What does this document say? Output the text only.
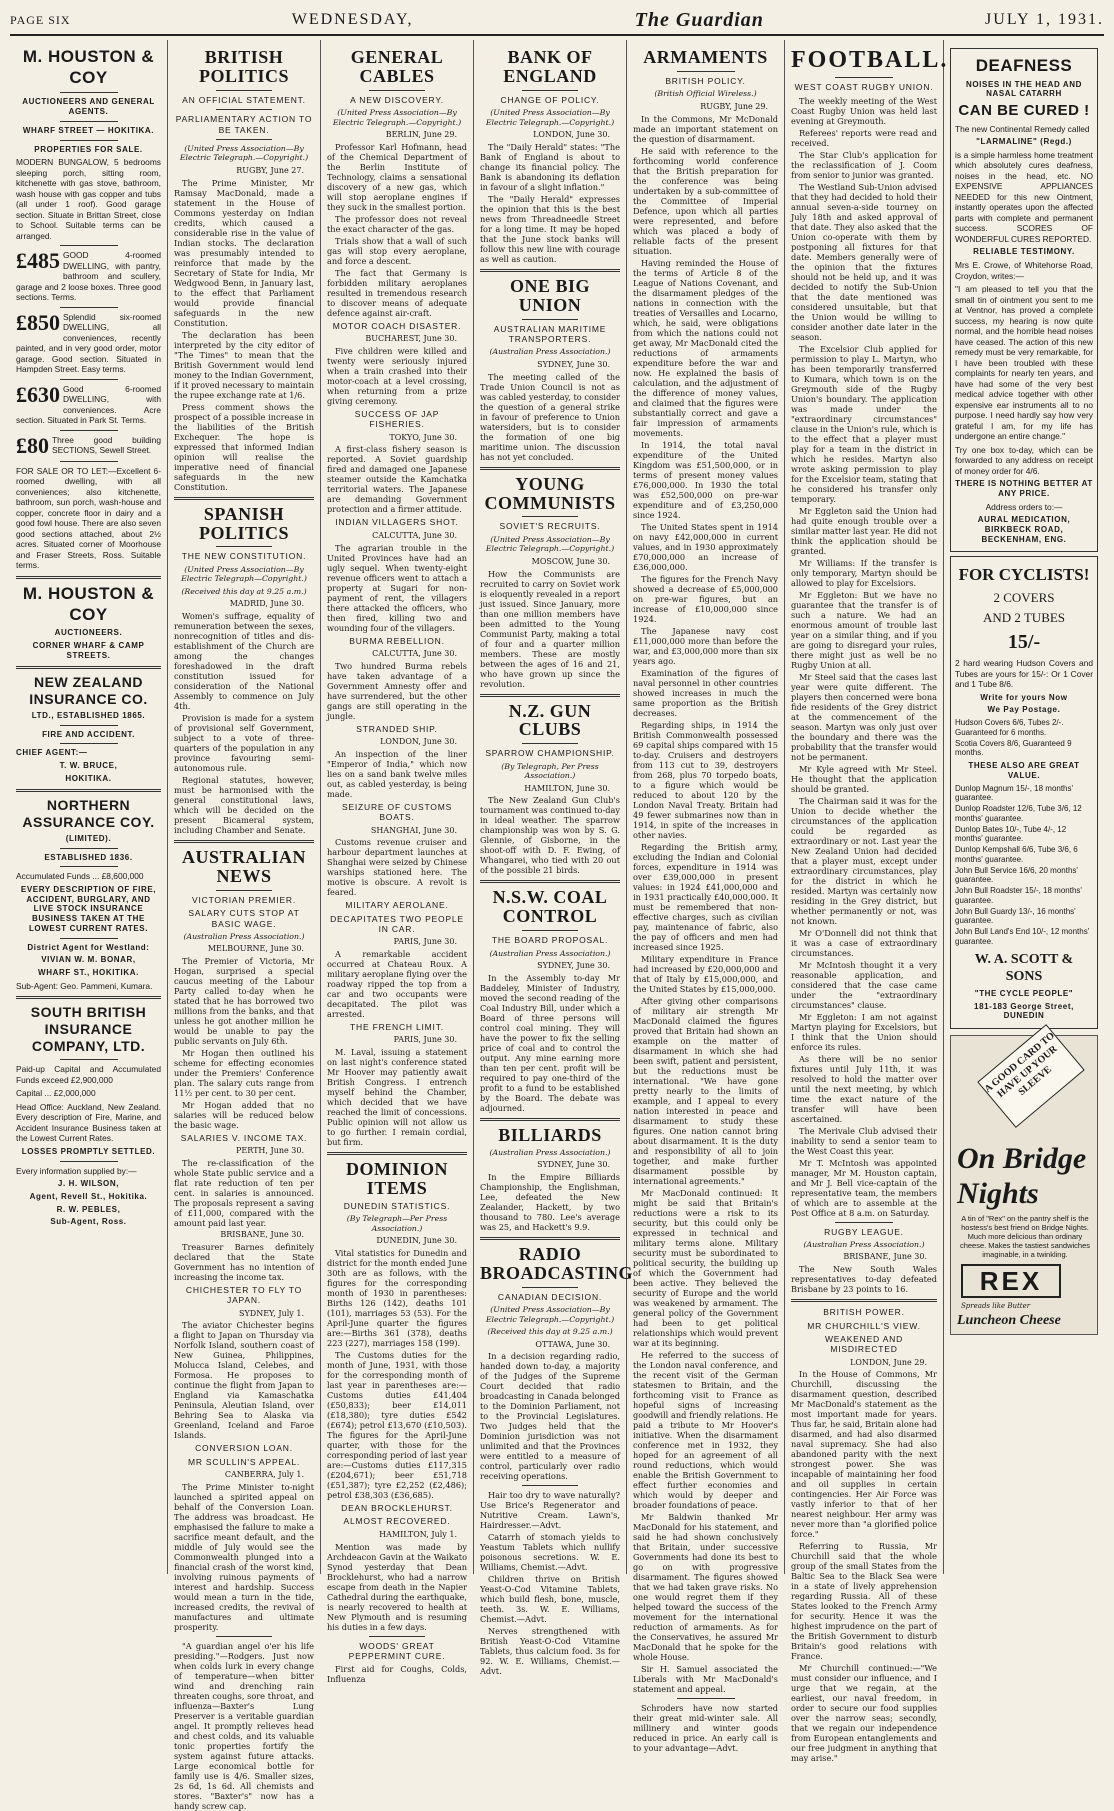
PAGE SIX	WEDNESDAY,	The Guardian	JULY 1, 1931.
M. HOUSTON & COY
AUCTIONEERS AND GENERAL AGENTS.
WHARF STREET — HOKITIKA.
PROPERTIES FOR SALE.
MODERN BUNGALOW, 5 bedrooms sleeping porch, sitting room, kitchenette with gas stove, bathroom, wash house with gas copper and tubs (all under 1 roof). Good garage section. Situate in Brittan Street, close to School. Suitable terms can be arranged.
£485 GOOD 4-roomed DWELLING, with pantry, bathroom and scullery, garage and 2 loose boxes. Three good sections. Terms.
£850 Splendid six-roomed DWELLING, all conveniences, recently painted, and in very good order, motor garage. Good section. Situated in Hampden Street. Easy terms.
£630 Good 6-roomed DWELLING, with conveniences. Acre section. Situated in Park St. Terms.
£80 Three good building SECTIONS, Sewell Street.
FOR SALE OR TO LET:—Excellent 6-roomed dwelling, with all conveniences; also kitchenette, bathroom, sun porch, wash-house and copper, concrete floor in dairy and a good fowl house. There are also seven good sections attached, about 2½ acres. Situated corner of Moorhouse and Fraser Streets, Ross. Suitable terms.
M. HOUSTON & COY
AUCTIONEERS.
CORNER WHARF & CAMP STREETS.
NEW ZEALAND INSURANCE CO.
LTD., ESTABLISHED 1865.
FIRE AND ACCIDENT.
CHIEF AGENT:—
T. W. BRUCE,
HOKITIKA.
NORTHERN ASSURANCE COY.
(LIMITED).
ESTABLISHED 1836.
Accumulated Funds ... £8,600,000
EVERY DESCRIPTION OF FIRE, ACCIDENT, BURGLARY, AND LIVE STOCK INSURANCE BUSINESS TAKEN AT THE LOWEST CURRENT RATES.
District Agent for Westland:
VIVIAN W. M. BONAR,
WHARF ST., HOKITIKA.
Sub-Agent: Geo. Pammeni, Kumara.
SOUTH BRITISH INSURANCE COMPANY, LTD.
Paid-up Capital and Accumulated Funds exceed £2,900,000
Capital ... £2,000,000
Head Office: Auckland, New Zealand. Every description of Fire, Marine, and Accident Insurance Business taken at the Lowest Current Rates.
LOSSES PROMPTLY SETTLED.
Every information supplied by:—
J. H. WILSON,
Agent, Revell St., Hokitika.
R. W. PEBLES,
Sub-Agent, Ross.
BRITISH POLITICS
AN OFFICIAL STATEMENT.
PARLIAMENTARY ACTION TO BE TAKEN.
(United Press Association—By Electric Telegraph.—Copyright.)
RUGBY, June 27.

The Prime Minister, Mr Ramsay MacDonald, made a statement in the House of Commons yesterday on Indian credits, which caused a considerable rise in the value of Indian stocks. The declaration was presumably intended to reinforce that made by the Secretary of State for India, Mr Wedgwood Benn, in January last, to the effect that Parliament would provide financial safeguards in the new Constitution.

The declaration has been interpreted by the city editor of "The Times" to mean that the British Government would lend money to the Indian Government, if it proved necessary to maintain the rupee exchange rate at 1/6.

Press comment shows the prospect of a possible increase in the liabilities of the British Exchequer. The hope is expressed that informed Indian opinion will realise the imperative need of financial safeguards in the new Constitution.

SPANISH POLITICS
THE NEW CONSTITUTION.
(United Press Association—By Electric Telegraph—Copyright.)
(Received this day at 9.25 a.m.)
MADRID, June 30.

Women's suffrage, equality of remuneration between the sexes, nonrecognition of titles and dis-establishment of the Church are among the changes foreshadowed in the draft constitution issued for consideration of the National Assembly to commence on July 4th.

Provision is made for a system of provisional self Government, subject to a vote of three-quarters of the population in any province favouring semi-autonomous rule.

Regional statutes, however, must be harmonised with the general constitutional laws, which will be decided on the present Bicameral system, including Chamber and Senate.

AUSTRALIAN NEWS
VICTORIAN PREMIER.
SALARY CUTS STOP AT BASIC WAGE.
(Australian Press Association.)
MELBOURNE, June 30.

The Premier of Victoria, Mr Hogan, surprised a special caucus meeting of the Labour Party called to-day when he stated that he has borrowed two millions from the banks, and that unless he got another million he would be unable to pay the public servants on July 6th.

Mr Hogan then outlined his scheme for effecting economies under the Premiers' Conference plan. The salary cuts range from 11½ per cent. to 30 per cent.

Mr Hogan added that no salaries will be reduced below the basic wage.

SALARIES V. INCOME TAX.
PERTH, June 30.

The re-classification of the whole State public service and a flat rate reduction of ten per cent. in salaries is announced. The proposals represent a saving of £11,000, compared with the amount paid last year.

BRISBANE, June 30.

Treasurer Barnes definitely declared that the State Government has no intention of increasing the income tax.

CHICHESTER TO FLY TO JAPAN.
SYDNEY, July 1.

The aviator Chichester begins a flight to Japan on Thursday via Norfolk Island, southern coast of New Guinea, Philippines, Molucca Island, Celebes, and Formosa. He proposes to continue the flight from Japan to England via Kamaschatka Peninsula, Aleutian Island, over Behring Sea to Alaska via Greenland, Iceland and Faroe Islands.

CONVERSION LOAN.
MR SCULLIN'S APPEAL.
CANBERRA, July 1.

The Prime Minister to-night launched a spirited appeal on behalf of the Conversion Loan. The address was broadcast. He emphasised the failure to make a sacrifice meant default, and the middle of July would see the Commonwealth plunged into a financial crash of the worst kind, involving ruinous payments of interest and hardship. Success would mean a turn in the tide, increased credits, the revival of manufactures and ultimate prosperity.

"A guardian angel o'er his life presiding."—Rodgers. Just now when colds lurk in every change of temperature—when bitter wind and drenching rain threaten coughs, sore throat, and influenza—Baxter's Lung Preserver is a veritable guardian angel. It promptly relieves head and chest colds, and its valuable tonic properties fortify the system against future attacks. Large economical bottle for family use is 4/6. Smaller sizes, 2s 6d, 1s 6d. All chemists and stores. "Baxter's" now has a handy screw cap.

GENERAL CABLES
A NEW DISCOVERY.
(United Press Association—By Electric Telegraph.—Copyright.)
BERLIN, June 29.

Professor Karl Hofmann, head of the Chemical Department of the Berlin Institute of Technology, claims a sensational discovery of a new gas, which will stop aeroplane engines if they suck in the smallest portion.

The professor does not reveal the exact character of the gas.

Trials show that a wall of such gas will stop every aeroplane, and force a descent.

The fact that Germany is forbidden military aeroplanes resulted in tremendous research to discover means of adequate defence against air-craft.

MOTOR COACH DISASTER.
BUCHAREST, June 30.

Five children were killed and twenty were seriously injured when a train crashed into their motor-coach at a level crossing, when returning from a prize giving ceremony.

SUCCESS OF JAP FISHERIES.
TOKYO, June 30.

A first-class fishery season is reported. A Soviet guardship fired and damaged one Japanese steamer outside the Kamchatka territorial waters. The Japanese are demanding Government protection and a firmer attitude.

INDIAN VILLAGERS SHOT.
CALCUTTA, June 30.

The agrarian trouble in the United Provinces have had an ugly sequel. When twenty-eight revenue officers went to attach a property at Sugari for non-payment of rent, the villagers there attacked the officers, who then fired, killing two and wounding four of the villagers.

BURMA REBELLION.
CALCUTTA, June 30.

Two hundred Burma rebels have taken advantage of a Government Amnesty offer and have surrendered, but the other gangs are still operating in the jungle.

STRANDED SHIP.
LONDON, June 30.

An inspection of the liner "Emperor of India," which now lies on a sand bank twelve miles out, as cabled yesterday, is being made.

SEIZURE OF CUSTOMS BOATS.
SHANGHAI, June 30.

Customs revenue cruiser and harbour department launches at Shanghai were seized by Chinese warships stationed here. The motive is obscure. A revolt is feared.

MILITARY AEROLANE.
DECAPITATES TWO PEOPLE IN CAR.
PARIS, June 30.

A remarkable accident occurred at Chateau Roux. A military aeroplane flying over the roadway ripped the top from a car and two occupants were decapitated. The pilot was arrested.

THE FRENCH LIMIT.
PARIS, June 30.

M. Laval, issuing a statement on last night's conference stated Mr Hoover may patiently await British Congress. I entrench myself behind the Chamber, which decided that we have reached the limit of concessions. Public opinion will not allow us to go further. I remain cordial, but firm.

DOMINION ITEMS
DUNEDIN STATISTICS.
(By Telegraph—Per Press Association.)
DUNEDIN, June 30.

Vital statistics for Dunedin and district for the month ended June 30th are as follows, with the figures for the corresponding month of 1930 in parentheses: Births 126 (142), deaths 101 (101), marriages 53 (53). For the April-June quarter the figures are:—Births 361 (378), deaths 223 (227), marriages 158 (199).

The Customs duties for the month of June, 1931, with those for the corresponding month of last year in parentheses are:—Customs duties £41,404 (£50,833); beer £14,011 (£18,380); tyre duties £542 (£674); petrol £13,670 (£10,503). The figures for the April-June quarter, with those for the corresponding period of last year are:—Customs duties £117,315 (£204,671); beer £51,718 (£51,387); tyre £2,252 (£2,486); petrol £38,303 (£36,685).

DEAN BROCKLEHURST.
ALMOST RECOVERED.
HAMILTON, July 1.

Mention was made by Archdeacon Gavin at the Waikato Synod yesterday that Dean Brocklehurst, who had a narrow escape from death in the Napier Cathedral during the earthquake, is nearly recovered to health at New Plymouth and is resuming his duties in a few days.

WOODS' GREAT PEPPERMINT CURE.

First aid for Coughs, Colds, Influenza

BANK OF ENGLAND
CHANGE OF POLICY.
(United Press Association—By Electric Telegraph.—Copyright.)
LONDON, June 30.

The "Daily Herald" states: "The Bank of England is about to change its financial policy. The Bank is abandoning its deflation in favour of a slight inflation."

The "Daily Herald" expresses the opinion that this is the best news from Threadneedle Street for a long time. It may be hoped that the June stock banks will follow this new line with courage as well as caution.

ONE BIG UNION
AUSTRALIAN MARITIME TRANSPORTERS.
(Australian Press Association.)
SYDNEY, June 30.

The meeting called of the Trade Union Council is not as was cabled yesterday, to consider the question of a general strike in favour of preference to Union watersiders, but is to consider the formation of one big maritime union. The discussion has not yet concluded.

YOUNG COMMUNISTS
SOVIET'S RECRUITS.
(United Press Association—By Electric Telegraph.—Copyright.)
MOSCOW, June 30.

How the Communists are recruited to carry on Soviet work is eloquently revealed in a report just issued. Since January, more than one million members have been admitted to the Young Communist Party, making a total of four and a quarter million members. These are mostly between the ages of 16 and 21, who have grown up since the revolution.

N.Z. GUN CLUBS
SPARROW CHAMPIONSHIP.
(By Telegraph, Per Press Association.)
HAMILTON, June 30.

The New Zealand Gun Club's tournament was continued to-day in ideal weather. The sparrow championship was won by S. G. Glennie, of Gisborne, in the shoot-off with D. F. Ewing, of Whangarei, who tied with 20 out of the possible 21 birds.

N.S.W. COAL CONTROL
THE BOARD PROPOSAL.
(Australian Press Association.)
SYDNEY, June 30.

In the Assembly to-day Mr Baddeley, Minister of Industry, moved the second reading of the Coal Industry Bill, under which a Board of three persons will control coal mining. They will have the power to fix the selling price of coal and to control the output. Any mine earning more than ten per cent. profit will be required to pay one-third of the profit to a fund to be established by the Board. The debate was adjourned.

BILLIARDS
(Australian Press Association.)
SYDNEY, June 30.

In the Empire Billiards Championship, the Englishman, Lee, defeated the New Zealander, Hackett, by two thousand to 780. Lee's average was 25, and Hackett's 9.9.

RADIO BROADCASTING
CANADIAN DECISION.
(United Press Association—By Electric Telegraph.—Copyright.)
(Received this day at 9.25 a.m.)
OTTAWA, June 30.

In a decision regarding radio, handed down to-day, a majority of the Judges of the Supreme Court decided that radio broadcasting in Canada belonged to the Dominion Parliament, not to the Provincial Legislatures. Two Judges held that the Dominion jurisdiction was not unlimited and that the Provinces were entitled to a measure of control, particularly over radio receiving operations.

Hair too dry to wave naturally? Use Brice's Regenerator and Nutritive Cream. Lawn's, Hairdresser.—Advt.

Catarrh of stomach yields to Yeastum Tablets which nullify poisonous secretions. W. E. Williams, Chemist.—Advt.

Children thrive on British Yeast-O-Cod Vitamine Tablets, which build flesh, bone, muscle, teeth. 3s. W. E. Williams, Chemist.—Advt.

Nerves strengthened with British Yeast-O-Cod Vitamine Tablets, thus calcium food. 3s for 92. W. E. Williams, Chemist.—Advt.

ARMAMENTS
BRITISH POLICY.
(British Official Wireless.)
RUGBY, June 29.

In the Commons, Mr McDonald made an important statement on the question of disarmament.

He said with reference to the forthcoming world conference that the British preparation for the conference was being undertaken by a sub-committee of the Committee of Imperial Defence, upon which all parties were represented, and before which was placed a body of reliable facts of the present situation.

Having reminded the House of the terms of Article 8 of the League of Nations Covenant, and the disarmament pledges of the nations in connection with the treaties of Versailles and Locarno, which, he said, were obligations from which the nations could not get away, Mr MacDonald cited the reductions of armaments expenditure before the war and now. He explained the basis of calculation, and the adjustment of the difference of money values, and claimed that the figures were substantially correct and gave a fair impression of armaments movements.

In 1914, the total naval expenditure of the United Kingdom was £51,500,000, or in terms of present money values £76,000,000. In 1930 the total was £52,500,000 on pre-war expenditure and of £3,250,000 since 1924.

The United States spent in 1914 on navy £42,000,000 in current values, and in 1930 approximately £70,000,000 an increase of £36,000,000.

The figures for the French Navy showed a decrease of £5,000,000 on pre-war figures, but an increase of £10,000,000 since 1924.

The Japanese navy cost £11,000,000 more than before the war, and £3,000,000 more than six years ago.

Examination of the figures of naval personnel in other countries showed increases in much the same proportion as the British decreases.

Regarding ships, in 1914 the British Commonwealth possessed 69 capital ships compared with 15 to-day. Cruisers and destroyers from 113 cut to 39, destroyers from 268, plus 70 torpedo boats, to a figure which would be reduced to about 120 by the London Naval Treaty. Britain had 49 fewer submarines now than in 1914, in spite of the increases in other navies.

Regarding the British army, excluding the Indian and Colonial forces, expenditure in 1914 was over £39,000,000 in present values: in 1924 £41,000,000 and in 1931 practically £40,000,000. It must be remembered that non-effective charges, such as civilian pay, maintenance of fabric, also the pay of officers and men had increased since 1925.

Military expenditure in France had increased by £20,000,000 and that of Italy by £15,000,000, and the United States by £15,000,000.

After giving other comparisons of military air strength Mr MacDonald claimed the figures proved that Britain had shown an example on the matter of disarmament in which she had been swift, patient and persistent, but the reductions must be international. "We have gone pretty nearly to the limits of example, and I appeal to every nation interested in peace and disarmament to study these figures. One nation cannot bring about disarmament. It is the duty and responsibility of all to join together, and make further disarmament possible by international agreements."

Mr MacDonald continued: It might be said that Britain's reductions were a risk to its security, but this could only be expressed in technical and military terms alone. Military security must be subordinated to political security, the building up of which the Government had been active. They believed the security of Europe and the world was weakened by armament. The general policy of the Government had been to get political relationships which would prevent war at its beginning.

He referred to the success of the London naval conference, and the recent visit of the German statesmen to Britain, and the forthcoming visit to France as hopeful signs of increasing goodwill and friendly relations. He paid a tribute to Mr Hoover's initiative. When the disarmament conference met in 1932, they hoped for an agreement of all round reductions, which would enable the British Government to effect further economies and which would by deeper and broader foundations of peace.

Mr Baldwin thanked Mr MacDonald for his statement, and said he had shown conclusively that Britain, under successive Governments had done its best to go on with progressive disarmament. The figures showed that we had taken grave risks. No one would regret them if they helped toward the success of the movement for the international reduction of armaments. As for the Conservatives, he assured Mr MacDonald that he spoke for the whole House.

Sir H. Samuel associated the Liberals with Mr MacDonald's statement and appeal.

Schroders have now started their great mid-winter sale. All millinery and winter goods reduced in price. An early call is to your advantage—Advt.

FOOTBALL.
WEST COAST RUGBY UNION.

The weekly meeting of the West Coast Rugby Union was held last evening at Greymouth.

Referees' reports were read and received.

The Star Club's application for the reclassification of J. Coom from senior to junior was granted.

The Westland Sub-Union advised that they had decided to hold their annual seven-a-side tourney on July 18th and asked approval of that date. They also asked that the Union co-operate with them by postponing all fixtures for that date. Members generally were of the opinion that the fixtures should not be held up, and it was decided to notify the Sub-Union that the date mentioned was considered unsuitable, but that the Union would be willing to consider another date later in the season.

The Excelsior Club applied for permission to play L. Martyn, who has been temporarily transferred to Kumara, which town is on the Greymouth side of the Rugby Union's boundary. The application was made under the "extraordinary circumstances" clause in the Union's rule, which is to the effect that a player must play for a team in the district in which he resides. Martyn also wrote asking permission to play for the Excelsior team, stating that he considered his transfer only temporary.

Mr Eggleton said the Union had had quite enough trouble over a similar matter last year. He did not think the application should be granted.

Mr Williams: If the transfer is only temporary, Martyn should be allowed to play for Excelsiors.

Mr Eggleton: But we have no guarantee that the transfer is of such a nature. We had an enormous amount of trouble last year on a similar thing, and if you are going to disregard your rules, there might just as well be no Rugby Union at all.

Mr Steel said that the cases last year were quite different. The players then concerned were bona fide residents of the Grey district at the commencement of the season. Martyn was only just over the boundary and there was the probability that the transfer would not be permanent.

Mr Kyle agreed with Mr Steel. He thought that the application should be granted.

The Chairman said it was for the Union to decide whether the circumstances of the application could be regarded as extraordinary or not. Last year the New Zealand Union had decided that a player must, except under extraordinary circumstances, play for the district in which he resided. Martyn was certainly now residing in the Grey district, but whether permanently or not, was not known.

Mr O'Donnell did not think that it was a case of extraordinary circumstances.

Mr McIntosh thought it a very reasonable application, and considered that the case came under the "extraordinary circumstances" clause.

Mr Eggleton: I am not against Martyn playing for Excelsiors, but I think that the Union should enforce its rules.

As there will be no senior fixtures until July 11th, it was resolved to hold the matter over until the next meeting, by which time the exact nature of the transfer will have been ascertained.

The Merivale Club advised their inability to send a senior team to the West Coast this year.

Mr T. McIntosh was appointed manager, Mr M. Houston captain, and Mr J. Bell vice-captain of the representative team, the members of which are to assemble at the Post Office at 8 a.m. on Saturday.

RUGBY LEAGUE.
(Australian Press Association.)
BRISBANE, June 30.

The New South Wales representatives to-day defeated Brisbane by 23 points to 16.

BRITISH POWER.
MR CHURCHILL'S VIEW.
WEAKENED AND MISDIRECTED
LONDON, June 29.

In the House of Commons, Mr Churchill, discussing the disarmament question, described Mr MacDonald's statement as the most important made for years. Thus far, he said, Britain alone had disarmed, and had also disarmed naval supremacy. She had also abandoned parity with the next strongest power. She was incapable of maintaining her food and oil supplies in certain contingencies. Her Air Force was vastly inferior to that of her nearest neighbour. Her army was never more than "a glorified police force."

Referring to Russia, Mr Churchill said that the whole group of the small States from the Baltic Sea to the Black Sea were in a state of lively apprehension regarding Russia. All of these States looked to the French Army for security. Hence it was the highest imprudence on the part of the British Government to disturb Britain's good relations with France.

Mr Churchill continued:—"We must consider our influence, and I urge that we regain, at the earliest, our naval freedom, in order to secure our food supplies over the narrow seas; secondly, that we regain our independence from European entanglements and our free judgment in anything that may arise."

DEAFNESS
NOISES IN THE HEAD AND NASAL CATARRH
CAN BE CURED !
The new Continental Remedy called
"LARMALINE" (Regd.)
is a simple harmless home treatment which absolutely cures deafness, noises in the head, etc. NO EXPENSIVE APPLIANCES NEEDED for this new Ointment, instantly operates upon the affected parts with complete and permanent success. SCORES OF WONDERFUL CURES REPORTED.
RELIABLE TESTIMONY.
Mrs E. Crowe, of Whitehorse Road, Croydon, writes:—
"I am pleased to tell you that the small tin of ointment you sent to me at Ventnor, has proved a complete success, my hearing is now quite normal, and the horrible head noises have ceased. The action of this new remedy must be very remarkable, for I have been troubled with these complaints for nearly ten years, and have had some of the very best medical advice together with other expensive ear instruments all to no purpose. I need hardly say how very grateful I am, for my life has undergone an entire change."
Try one box to-day, which can be forwarded to any address on receipt of money order for 4/6.
THERE IS NOTHING BETTER AT ANY PRICE.
Address orders to:—
AURAL MEDICATION, BIRKBECK ROAD, BECKENHAM, ENG.
FOR CYCLISTS!
2 COVERS
AND 2 TUBES
15/-
2 hard wearing Hudson Covers and Tubes are yours for 15/-: Or 1 Cover and 1 Tube 8/6.
Write for yours Now
We Pay Postage.
Hudson Covers 6/6, Tubes 2/-. Guaranteed for 6 months.
Scotia Covers 8/6, Guaranteed 9 months.
THESE ALSO ARE GREAT VALUE.
Dunlop Magnum 15/-, 18 months' guarantee.
Dunlop Roadster 12/6, Tube 3/6, 12 months' guarantee.
Dunlop Bates 10/-, Tube 4/-, 12 months' guarantee.
Dunlop Kempshall 6/6, Tube 3/6, 6 months' guarantee.
John Bull Service 16/6, 20 months' guarantee.
John Bull Roadster 15/-, 18 months' guarantee.
John Bull Guardy 13/-, 16 months' guarantee.
John Bull Land's End 10/-, 12 months' guarantee.
W. A. SCOTT & SONS
"THE CYCLE PEOPLE"
181-183 George Street, DUNEDIN
A GOOD CARD TO HAVE UP YOUR SLEEVE
On Bridge
Nights
A tin of "Rex" on the pantry shelf is the hostess's best friend on Bridge Nights. Much more delicious than ordinary cheese. Makes the tastiest sandwiches imaginable, in a twinkling.
REX
Spreads like Butter
Luncheon Cheese
